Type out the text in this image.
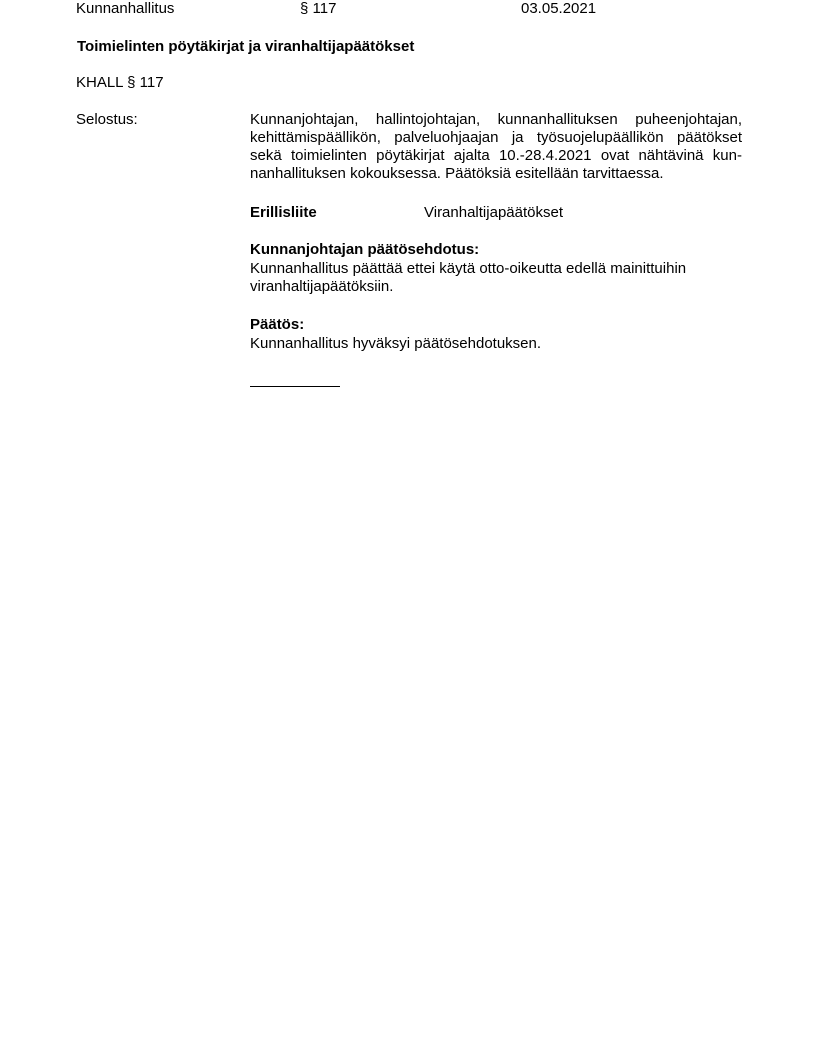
Kunnanhallitus	§ 117	03.05.2021
Toimielinten pöytäkirjat ja viranhaltijapäätökset
KHALL § 117
Selostus:	Kunnanjohtajan, hallintojohtajan, kunnanhallituksen puheenjohtajan,
kehittämispäällikön, palveluohjaajan ja työsuojelupäällikön päätökset
sekä toimielinten pöytäkirjat ajalta 10.-28.4.2021 ovat nähtävinä kun-
nanhallituksen kokouksessa. Päätöksiä esitellään tarvittaessa.

Erillisliite	Viranhaltijapäätökset
Kunnanjohtajan päätösehdotus:

Kunnanhallitus päättää ettei käytä otto-oikeutta edellä mainittuihin
viranhaltijapäätöksiin.

Päätös:
Kunnanhallitus hyväksyi päätösehdotuksen.
